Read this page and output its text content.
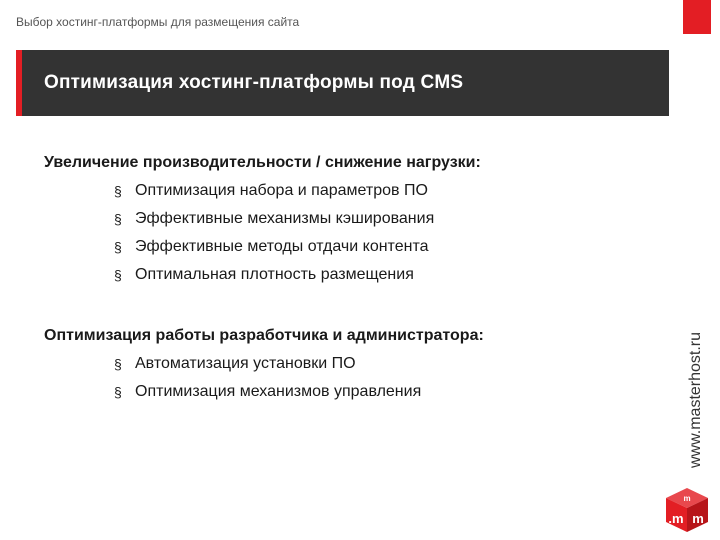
Выбор хостинг-платформы для размещения сайта
Оптимизация хостинг-платформы под CMS
Увеличение производительности / снижение нагрузки:
§ Оптимизация набора и параметров ПО
§ Эффективные механизмы кэширования
§ Эффективные методы отдачи контента
§ Оптимальная плотность размещения
Оптимизация работы разработчика и администратора:
§ Автоматизация установки ПО
§ Оптимизация механизмов управления	www.masterhost.ru
m
.m m
